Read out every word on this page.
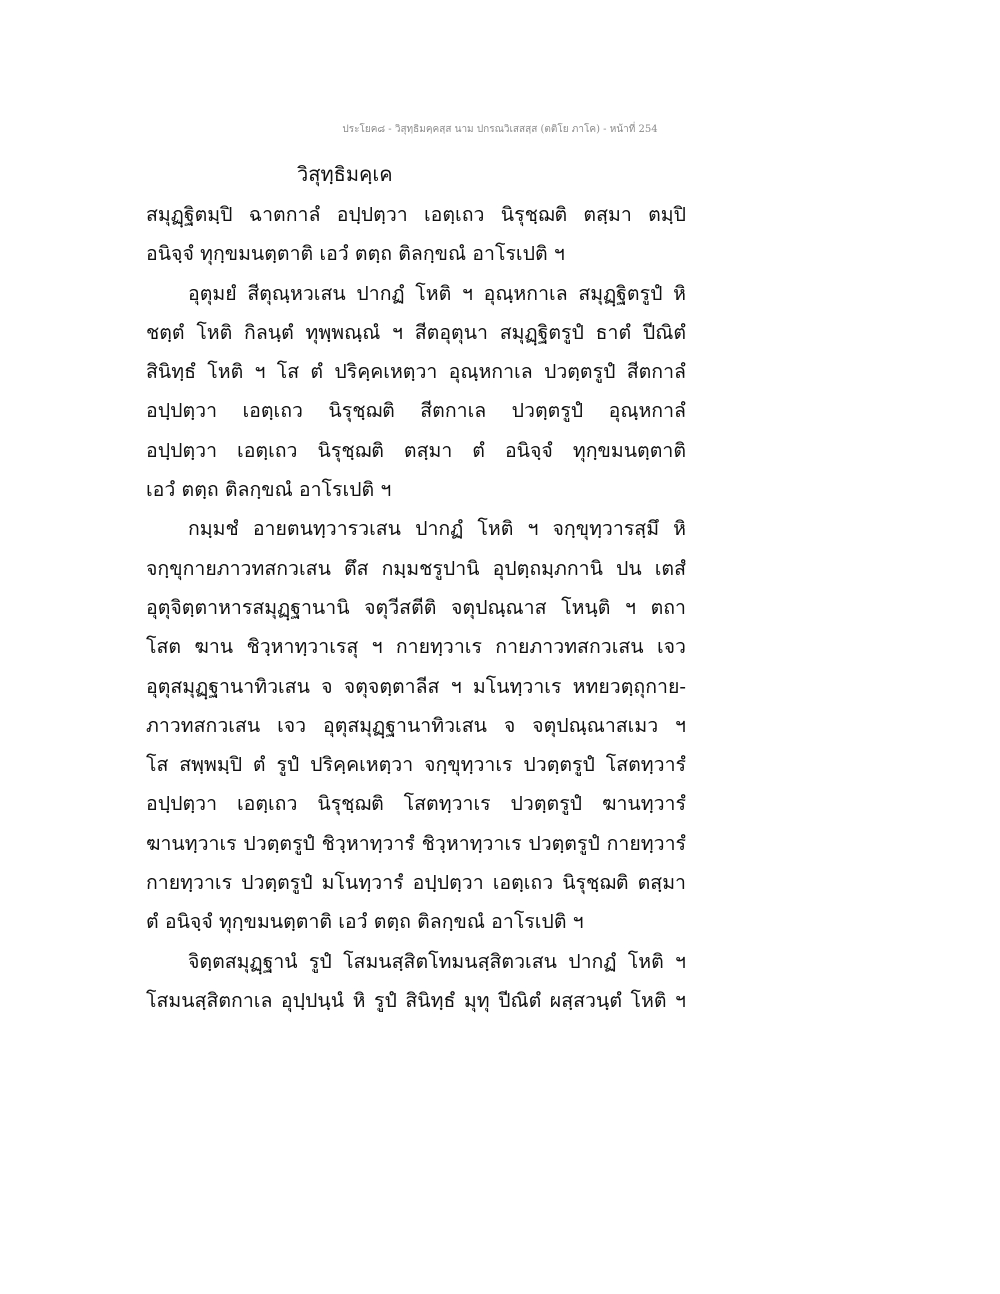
ประโยค๘ - วิสุทฺธิมคฺคสฺส นาม ปกรณวิเสสสฺส (ตติโย ภาโค) - หน้าที่ 254
วิสุทฺธิมคฺเค
สมุฏฺฐิตมฺปิ ฉาตกาลํ อปฺปตฺวา เอตฺเถว นิรุชฺฌติ ตสฺมา ตมฺปิ
อนิจฺจํ ทุกฺขมนตฺตาติ เอวํ ตตฺถ ติลกฺขณํ อาโรเปติ ฯ
อุตุมยํ สีตุณฺหวเสน ปากฏํ โหติ ฯ อุณฺหกาเล สมุฏฺฐิตรูปํ หิ
ชตฺตํ โหติ กิลนฺตํ ทุพฺพณฺณํ ฯ สีตอุตุนา สมุฏฺฐิตรูปํ ธาตํ ปีณิตํ
สินิทฺธํ โหติ ฯ โส ตํ ปริคฺคเหตฺวา อุณฺหกาเล ปวตฺตรูปํ สีตกาลํ
อปฺปตฺวา เอตฺเถว นิรุชฺฌติ สีตกาเล ปวตฺตรูปํ อุณฺหกาลํ
อปฺปตฺวา เอตฺเถว นิรุชฺฌติ ตสฺมา ตํ อนิจฺจํ ทุกฺขมนตฺตาติ
เอวํ ตตฺถ ติลกฺขณํ อาโรเปติ ฯ
กมฺมชํ อายตนทฺวารวเสน ปากฏํ โหติ ฯ จกฺขุทฺวารสฺมึ หิ
จกฺขุกายภาวทสกวเสน ตึส กมฺมชรูปานิ อุปตฺถมฺภกานิ ปน เตสํ
อุตุจิตฺตาหารสมุฏฺฐานานิ จตุวีสตีติ จตุปณฺณาส โหนฺติ ฯ ตถา
โสต ฆาน ชิวฺหาทฺวาเรสุ ฯ กายทฺวาเร กายภาวทสกวเสน เจว
อุตุสมุฏฺฐานาทิวเสน จ จตุจตฺตาลีส ฯ มโนทฺวาเร หทยวตฺถุกาย-
ภาวทสกวเสน เจว อุตุสมุฏฺฐานาทิวเสน จ จตุปณฺณาสเมว ฯ
โส สพฺพมฺปิ ตํ รูปํ ปริคฺคเหตฺวา จกฺขุทฺวาเร ปวตฺตรูปํ โสตทฺวารํ
อปฺปตฺวา เอตฺเถว นิรุชฺฌติ โสตทฺวาเร ปวตฺตรูปํ ฆานทฺวารํ
ฆานทฺวาเร ปวตฺตรูปํ ชิวฺหาทฺวารํ ชิวฺหาทฺวาเร ปวตฺตรูปํ กายทฺวารํ
กายทฺวาเร ปวตฺตรูปํ มโนทฺวารํ อปฺปตฺวา เอตฺเถว นิรุชฺฌติ ตสฺมา
ตํ อนิจฺจํ ทุกฺขมนตฺตาติ เอวํ ตตฺถ ติลกฺขณํ อาโรเปติ ฯ
จิตฺตสมุฏฺฐานํ รูปํ โสมนสฺสิตโทมนสฺสิตวเสน ปากฏํ โหติ ฯ
โสมนสฺสิตกาเล อุปฺปนฺนํ หิ รูปํ สินิทฺธํ มุทุ ปีณิตํ ผสฺสวนฺตํ โหติ ฯ
